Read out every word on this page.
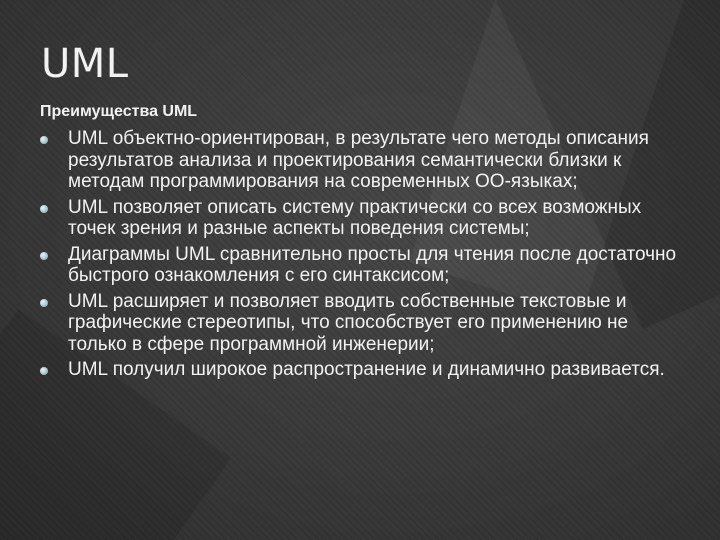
UML
Преимущества UML
UML объектно-ориентирован, в результате чего методы описания результатов анализа и проектирования семантически близки к методам программирования на современных ОО-языках;
UML позволяет описать систему практически со всех возможных точек зрения и разные аспекты поведения системы;
Диаграммы UML сравнительно просты для чтения после достаточно быстрого ознакомления с его синтаксисом;
UML расширяет и позволяет вводить собственные текстовые и графические стереотипы, что способствует его применению не только в сфере программной инженерии;
UML получил широкое распространение и динамично развивается.
